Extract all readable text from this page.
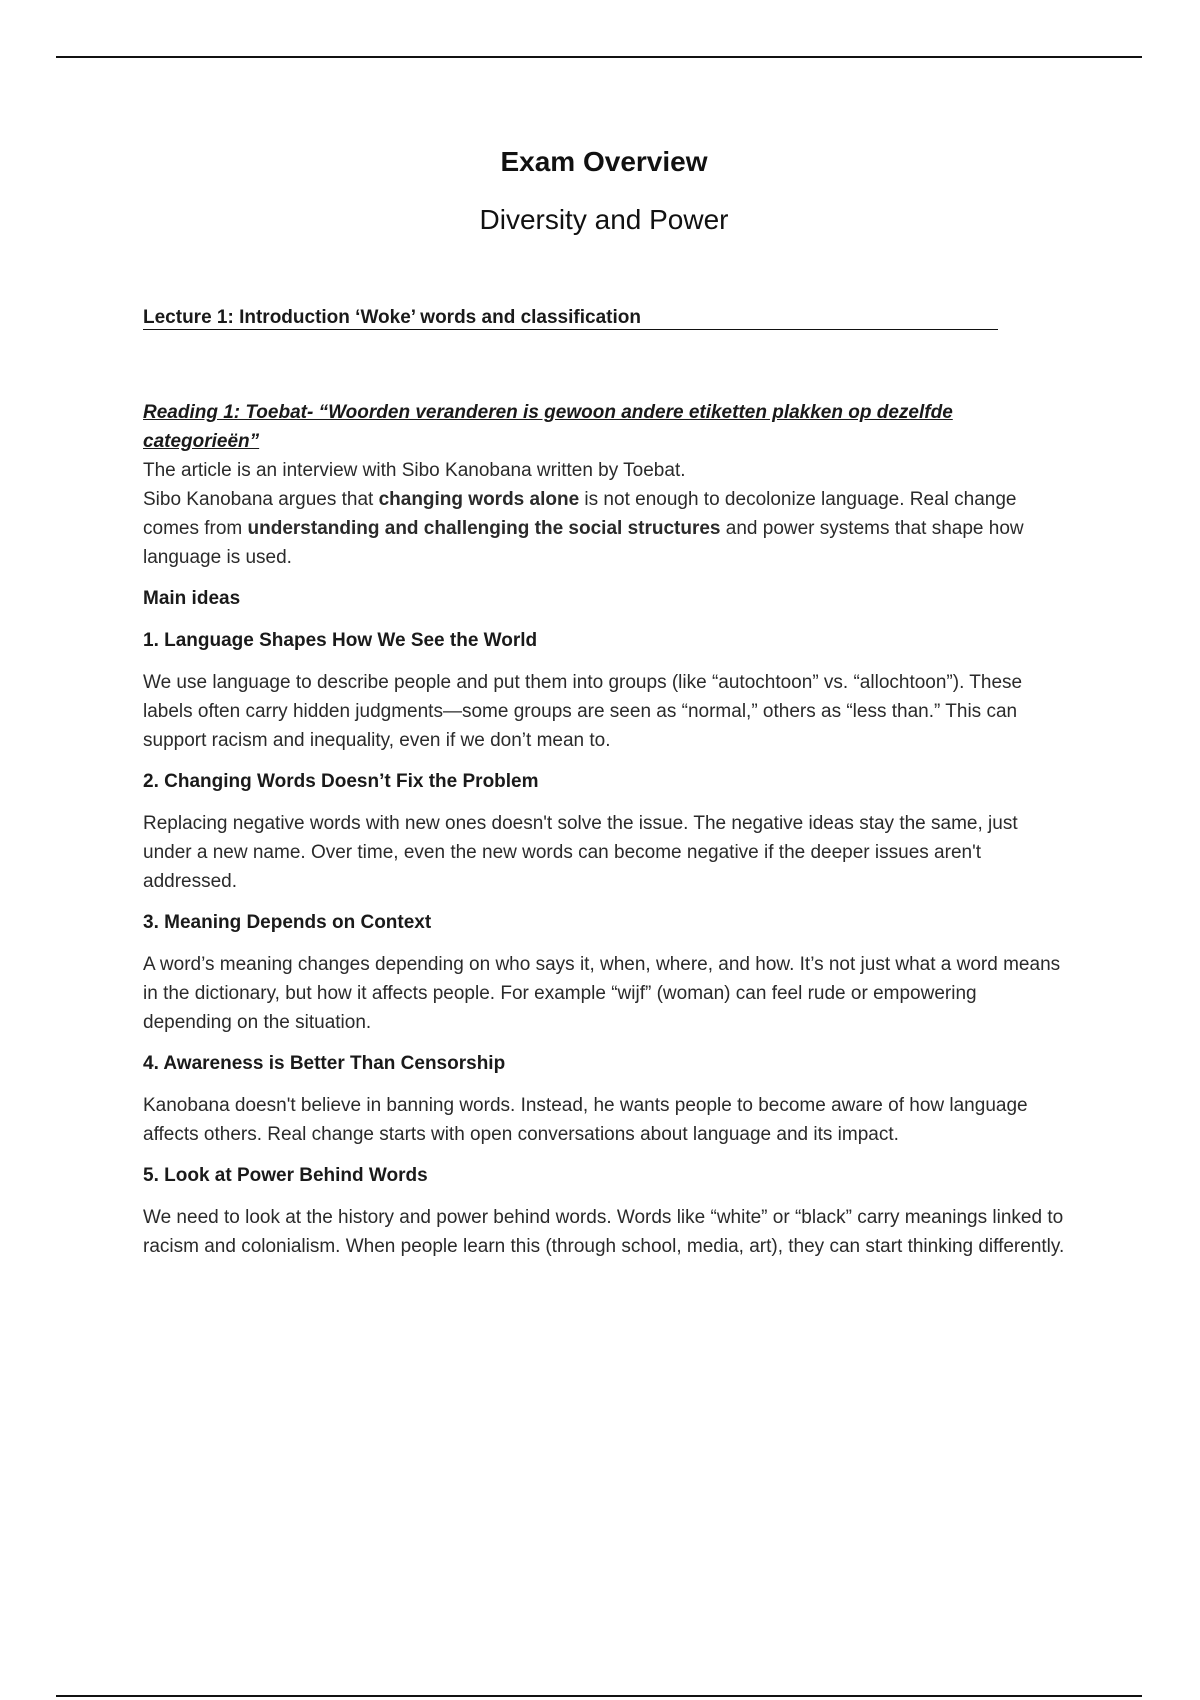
Exam Overview
Diversity and Power
Lecture 1: Introduction ‘Woke’ words and classification
Reading 1: Toebat- “Woorden veranderen is gewoon andere etiketten plakken op dezelfde categorieën”

The article is an interview with Sibo Kanobana written by Toebat.

Sibo Kanobana argues that changing words alone is not enough to decolonize language. Real change comes from understanding and challenging the social structures and power systems that shape how language is used.

Main ideas
1. Language Shapes How We See the World

We use language to describe people and put them into groups (like “autochtoon” vs. “allochtoon”). These labels often carry hidden judgments—some groups are seen as “normal,” others as “less than.” This can support racism and inequality, even if we don’t mean to.

2. Changing Words Doesn’t Fix the Problem

Replacing negative words with new ones doesn't solve the issue. The negative ideas stay the same, just under a new name. Over time, even the new words can become negative if the deeper issues aren't addressed.

3. Meaning Depends on Context

A word’s meaning changes depending on who says it, when, where, and how. It’s not just what a word means in the dictionary, but how it affects people. For example “wijf” (woman) can feel rude or empowering depending on the situation.

4. Awareness is Better Than Censorship

Kanobana doesn't believe in banning words. Instead, he wants people to become aware of how language affects others. Real change starts with open conversations about language and its impact.

5. Look at Power Behind Words

We need to look at the history and power behind words. Words like “white” or “black” carry meanings linked to racism and colonialism. When people learn this (through school, media, art), they can start thinking differently.
